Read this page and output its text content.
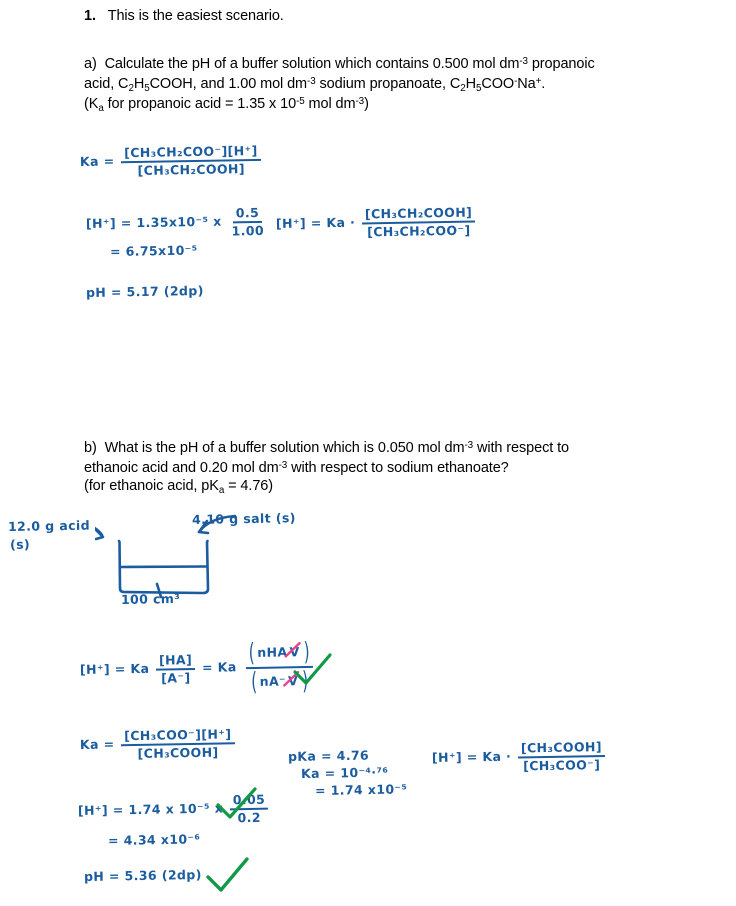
1. This is the easiest scenario.
a) Calculate the pH of a buffer solution which contains 0.500 mol $dm^{-3}$ propanoic
acid, $C_2H_5COOH$, and 1.00 mol $dm^{-3}$ sodium propanoate, $C_2H_5COO^-Na^+$.
($K_a$ for propanoic acid = 1.35 x $10^{-5}$ mol $dm^{-3}$)
b) What is the pH of a buffer solution which is 0.050 mol $dm^{-3}$ with respect to
ethanoic acid and 0.20 mol $dm^{-3}$ with respect to sodium ethanoate?
(for ethanoic acid, $pK_a = 4.76$)
$Ka = \frac{\text{[CH₃CH₂COO⁻][H⁺]}}{\text{[CH₃CH₂COOH]}}$
[H⁺] = 1.35x10⁻⁵ x $\frac{0.5}{1.00}$
= 6.75x10⁻⁵
pH = 5.17 (2dp)
$[H^+] = Ka \cdot \frac{\text{[CH₃CH₂COOH]}}{\text{[CH₃CH₂COO⁻]}}$
12.0 g acid
(s)
4.10 g salt (s)
100 cm³
[H⁺] = Ka $\frac{[HA]}{[A^-]} = Ka$ ( nHA V )
( nA⁻ V )
$Ka = \frac{\text{[CH₃COO⁻][H⁺]}}{\text{[CH₃COOH]}}$
[H⁺] = 1.74 x 10⁻⁵ x $\frac{0.05}{0.2}$
= 4.34 x10⁻⁶
pH = 5.36 (2dp)
pKa = 4.76
Ka = 10⁻⁴·⁷⁶
= 1.74 x10⁻⁵
$[H^+] = Ka \cdot \frac{\text{[CH₃COOH]}}{\text{[CH₃COO⁻]}}$
